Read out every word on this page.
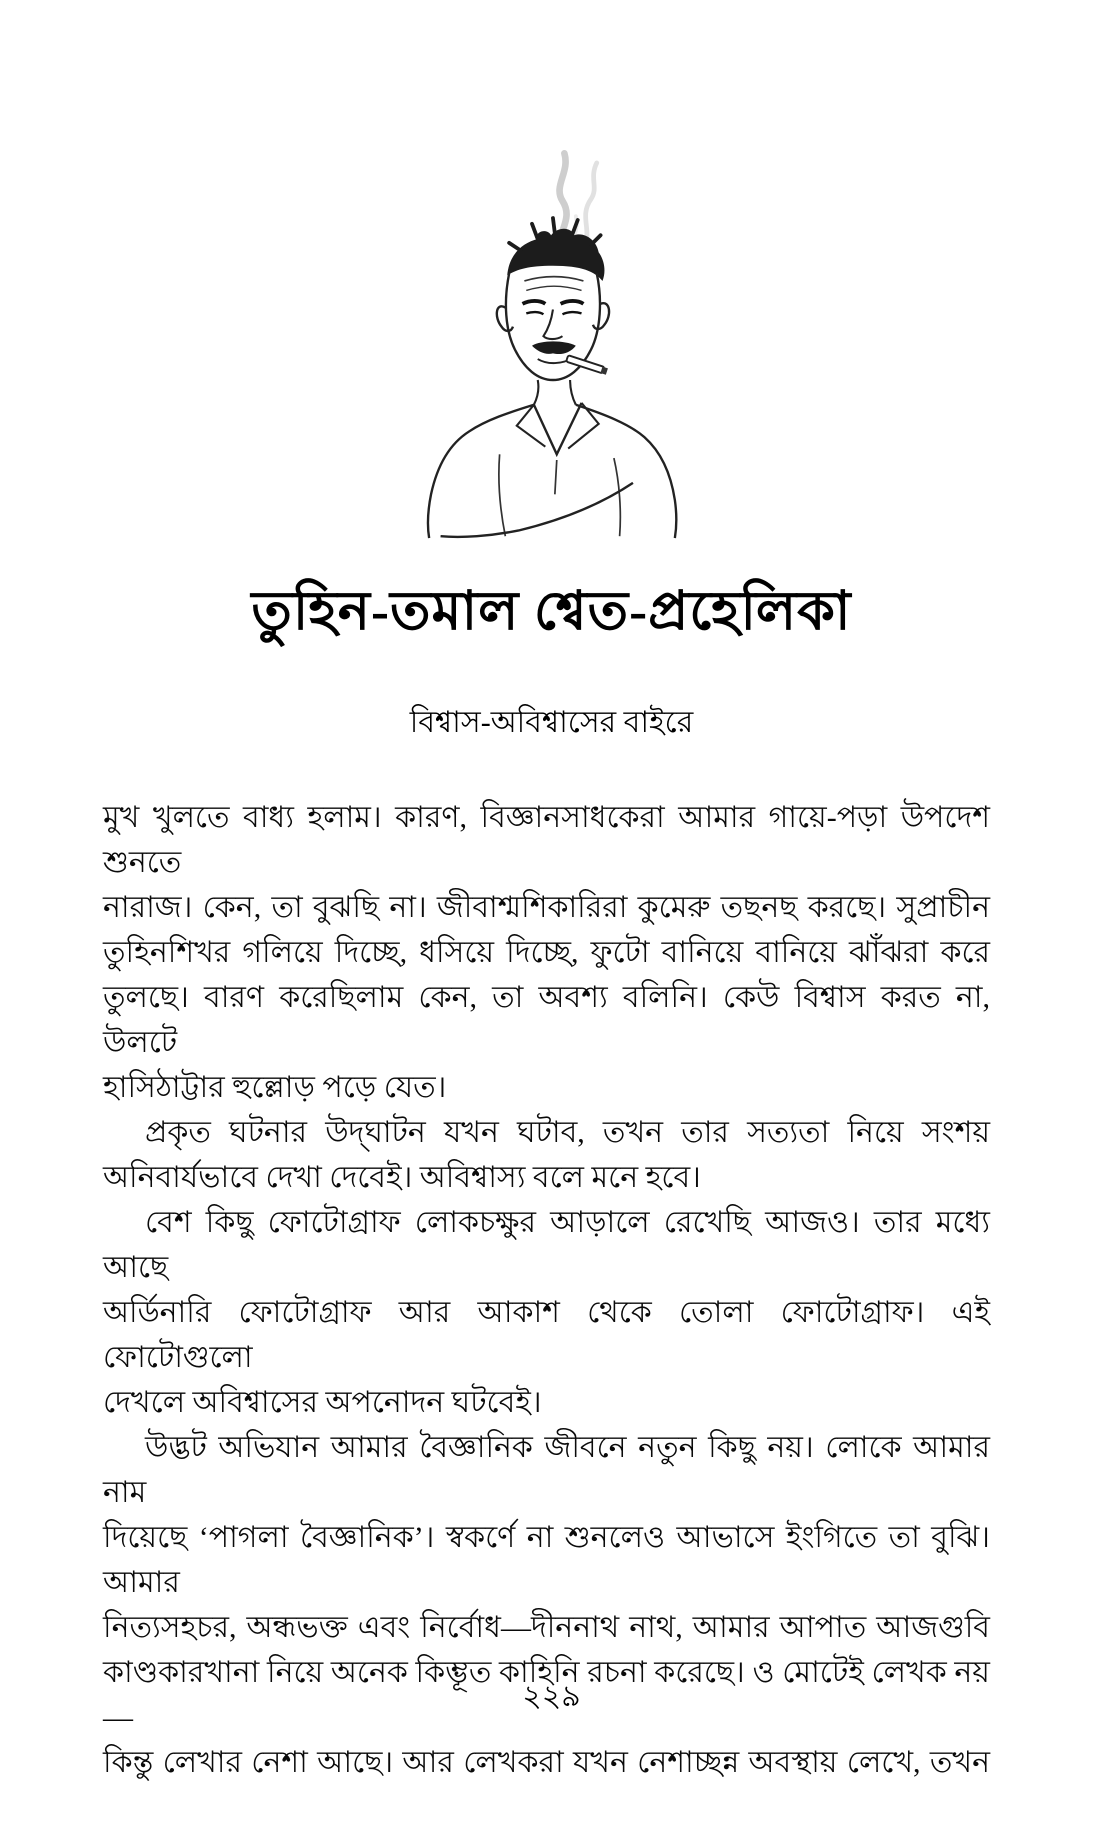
তুহিন-তমাল শ্বেত-প্রহেলিকা
বিশ্বাস-অবিশ্বাসের বাইরে
মুখ খুলতে বাধ্য হলাম। কারণ, বিজ্ঞানসাধকেরা আমার গায়ে-পড়া উপদেশ শুনতে
নারাজ। কেন, তা বুঝছি না। জীবাশ্মশিকারিরা কুমেরু তছনছ করছে। সুপ্রাচীন
তুহিনশিখর গলিয়ে দিচ্ছে, ধসিয়ে দিচ্ছে, ফুটো বানিয়ে বানিয়ে ঝাঁঝরা করে
তুলছে। বারণ করেছিলাম কেন, তা অবশ্য বলিনি। কেউ বিশ্বাস করত না, উলটে
হাসিঠাট্টার হুল্লোড় পড়ে যেত।
প্রকৃত ঘটনার উদ্‌ঘাটন যখন ঘটাব, তখন তার সত্যতা নিয়ে সংশয়
অনিবার্যভাবে দেখা দেবেই। অবিশ্বাস্য বলে মনে হবে।
বেশ কিছু ফোটোগ্রাফ লোকচক্ষুর আড়ালে রেখেছি আজও। তার মধ্যে আছে
অর্ডিনারি ফোটোগ্রাফ আর আকাশ থেকে তোলা ফোটোগ্রাফ। এই ফোটোগুলো
দেখলে অবিশ্বাসের অপনোদন ঘটবেই।
উদ্ভট অভিযান আমার বৈজ্ঞানিক জীবনে নতুন কিছু নয়। লোকে আমার নাম
দিয়েছে ‘পাগলা বৈজ্ঞানিক’। স্বকর্ণে না শুনলেও আভাসে ইংগিতে তা বুঝি। আমার
নিত্যসহচর, অন্ধভক্ত এবং নির্বোধ—দীননাথ নাথ, আমার আপাত আজগুবি
কাণ্ডকারখানা নিয়ে অনেক কিম্ভূত কাহিনি রচনা করেছে। ও মোটেই লেখক নয়—
কিন্তু লেখার নেশা আছে। আর লেখকরা যখন নেশাচ্ছন্ন অবস্থায় লেখে, তখন
২২৯
